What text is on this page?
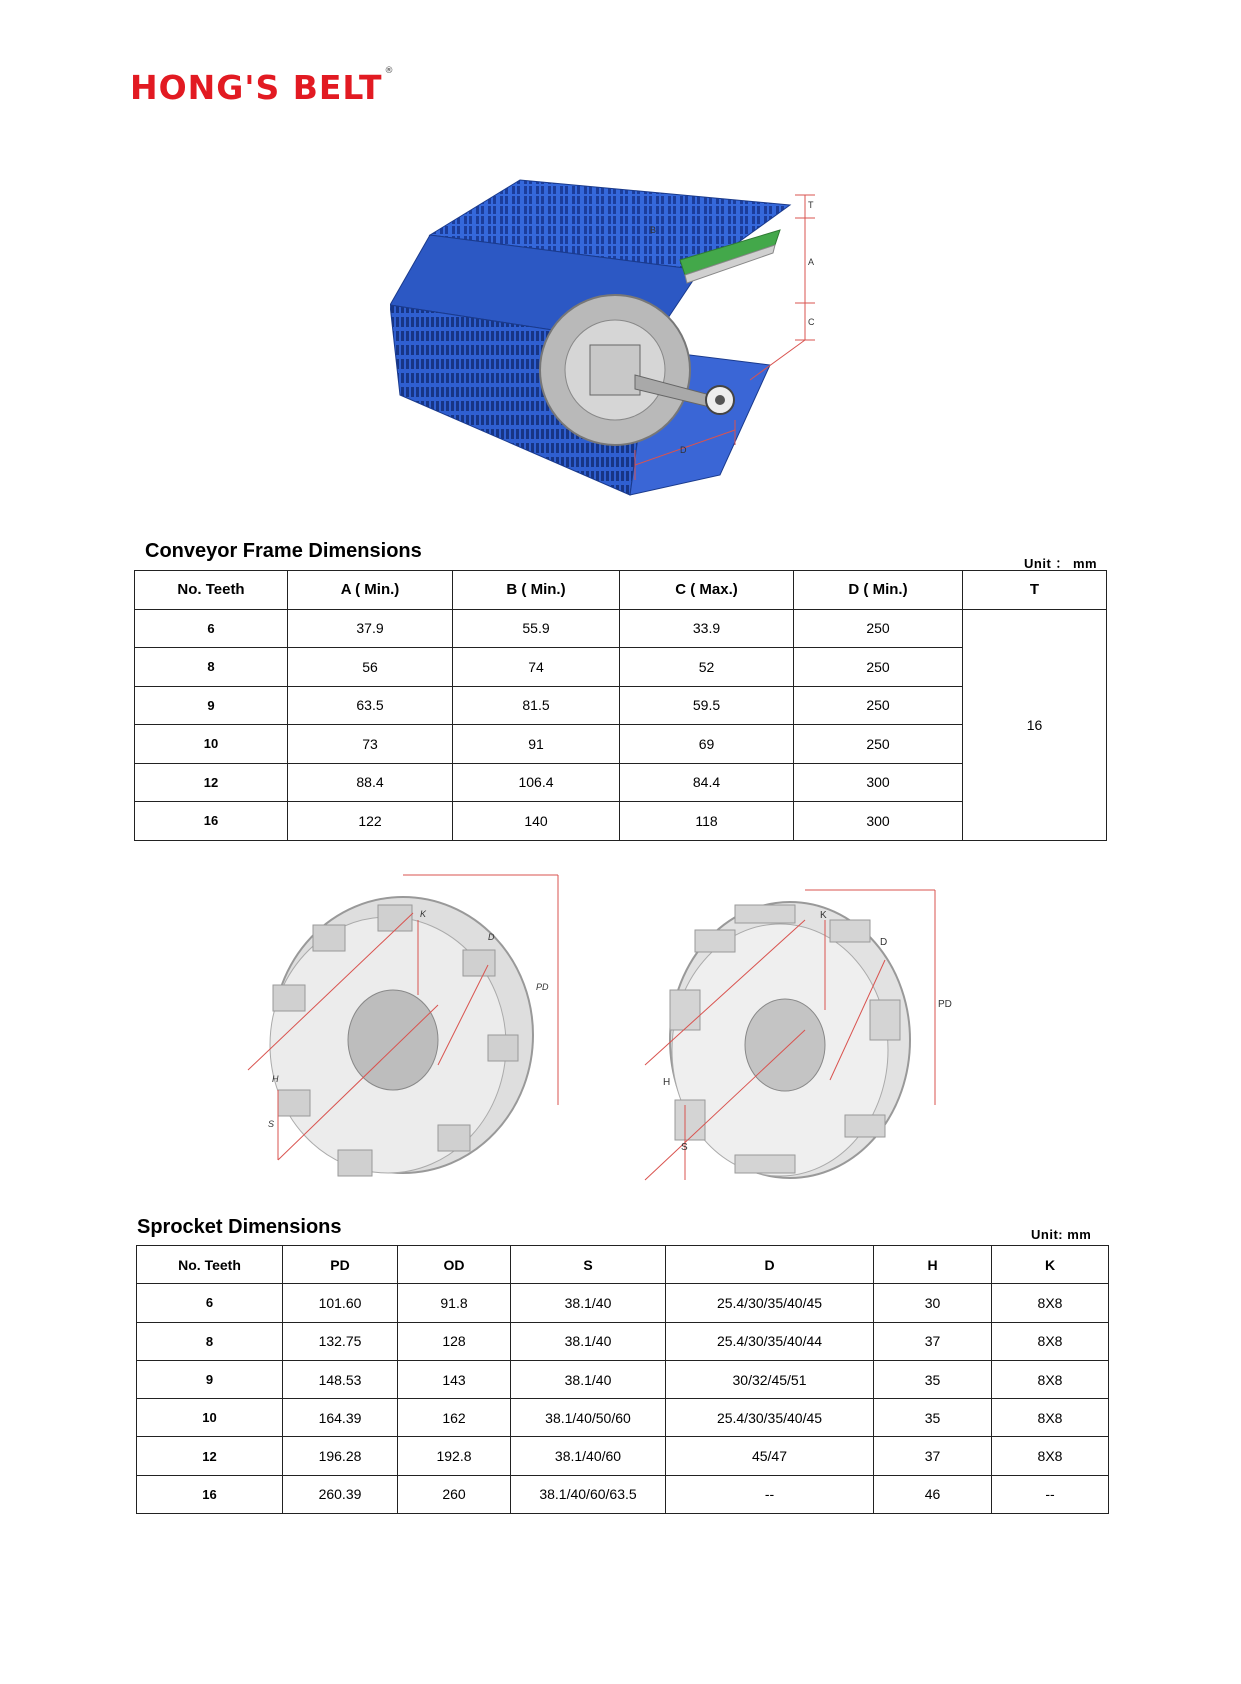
HONG'S BELT ®
T
A
B
C
D
Conveyor Frame Dimensions
Unit ： mm
No. Teeth	A ( Min.)	B ( Min.)	C ( Max.)	D ( Min.)	T
6	37.9	55.9	33.9	250	16
8	56	74	52	250	
9	63.5	81.5	59.5	250	
10	73	91	69	250	
12	88.4	106.4	84.4	300	
16	122	140	118	300	
K
D
PD
H
S
K
D
PD
H
S
Sprocket Dimensions	Unit: mm
No. Teeth	PD	OD	S	D	H	K
6	101.60	91.8	38.1/40	25.4/30/35/40/45	30	8X8
8	132.75	128	38.1/40	25.4/30/35/40/44	37	8X8
9	148.53	143	38.1/40	30/32/45/51	35	8X8
10	164.39	162	38.1/40/50/60	25.4/30/35/40/45	35	8X8
12	196.28	192.8	38.1/40/60	45/47	37	8X8
16	260.39	260	38.1/40/60/63.5	--	46	--
